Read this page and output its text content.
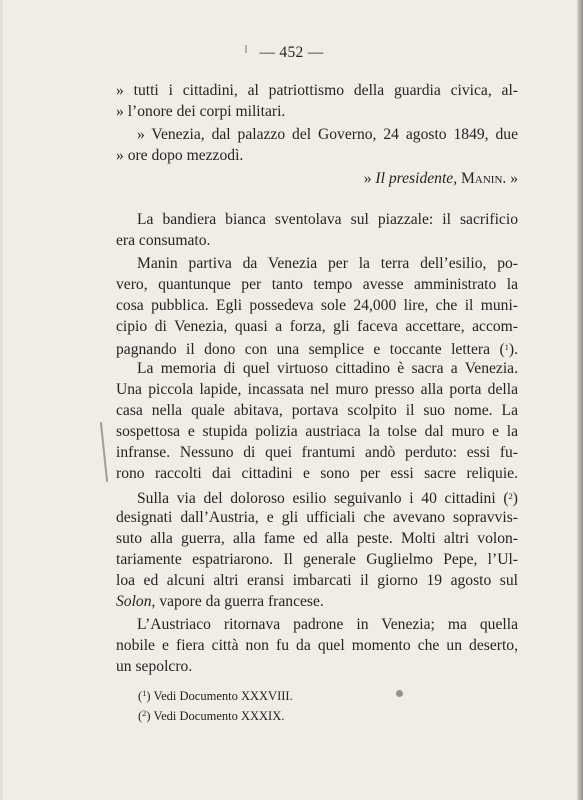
— 452 —
» tutti i cittadini, al patriottismo della guardia civica, al-
» l’onore dei corpi militari.
» Venezia, dal palazzo del Governo, 24 agosto 1849, due
» ore dopo mezzodì.
» Il presidente, Manin. »
La bandiera bianca sventolava sul piazzale: il sacrificio
era consumato.
Manin partiva da Venezia per la terra dell’esilio, po-
vero, quantunque per tanto tempo avesse amministrato la
cosa pubblica. Egli possedeva sole 24,000 lire, che il muni-
cipio di Venezia, quasi a forza, gli faceva accettare, accom-
pagnando il dono con una semplice e toccante lettera ($^1$).
La memoria di quel virtuoso cittadino è sacra a Venezia.
Una piccola lapide, incassata nel muro presso alla porta della
casa nella quale abitava, portava scolpito il suo nome. La
sospettosa e stupida polizia austriaca la tolse dal muro e la
infranse. Nessuno di quei frantumi andò perduto: essi fu-
rono raccolti dai cittadini e sono per essi sacre reliquie.
Sulla via del doloroso esilio seguivanlo i 40 cittadini ($^2$)
designati dall’Austria, e gli ufficiali che avevano sopravvis-
suto alla guerra, alla fame ed alla peste. Molti altri volon-
tariamente espatriarono. Il generale Guglielmo Pepe, l’Ul-
loa ed alcuni altri eransi imbarcati il giorno 19 agosto sul
Solon, vapore da guerra francese.
L’Austriaco ritornava padrone in Venezia; ma quella
nobile e fiera città non fu da quel momento che un deserto,
un sepolcro.
($^1$) Vedi Documento XXXVIII.
($^2$) Vedi Documento XXXIX.
